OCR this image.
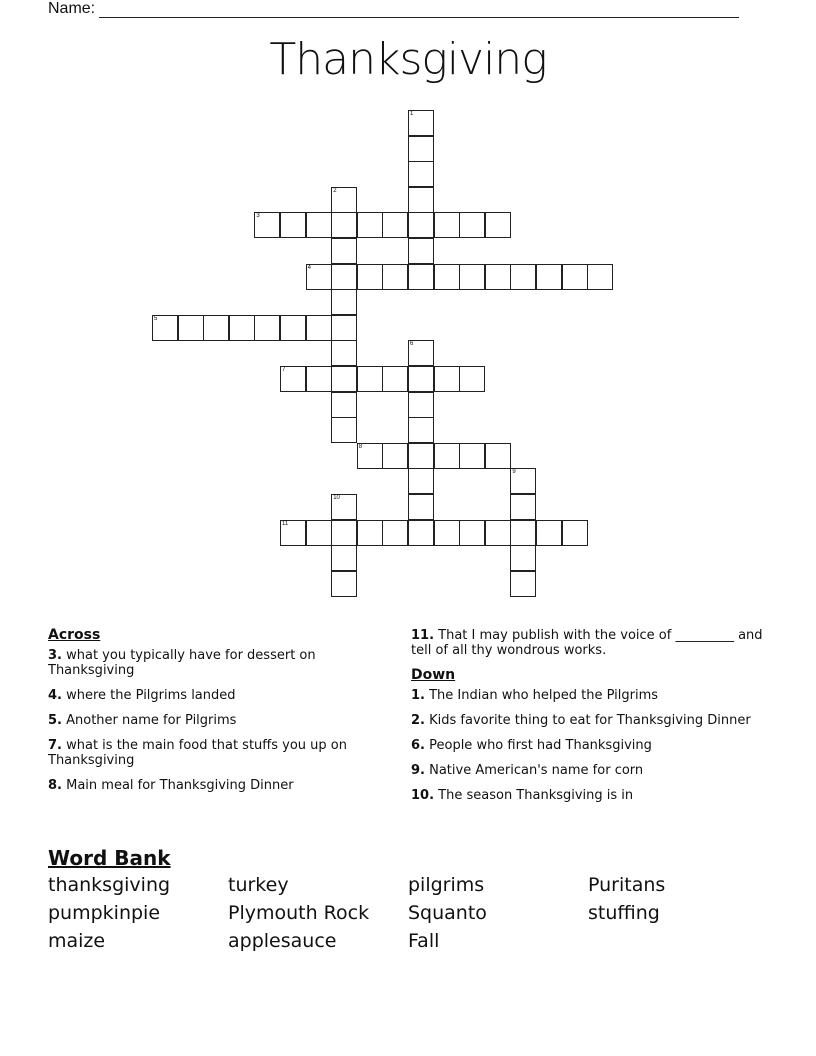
Name:
Thanksgiving
1
2
3
4
5
6
7
8
9
10
11
Across
3. what you typically have for dessert on Thanksgiving
4. where the Pilgrims landed
5. Another name for Pilgrims
7. what is the main food that stuffs you up on Thanksgiving
8. Main meal for Thanksgiving Dinner
11. That I may publish with the voice of _________ and tell of all thy wondrous works.
Down
1. The Indian who helped the Pilgrims
2. Kids favorite thing to eat for Thanksgiving Dinner
6. People who first had Thanksgiving
9. Native American's name for corn
10. The season Thanksgiving is in
Word Bank
thanksgiving	turkey	pilgrims	Puritans
pumpkinpie	Plymouth Rock	Squanto	stuffing
maize	applesauce	Fall
